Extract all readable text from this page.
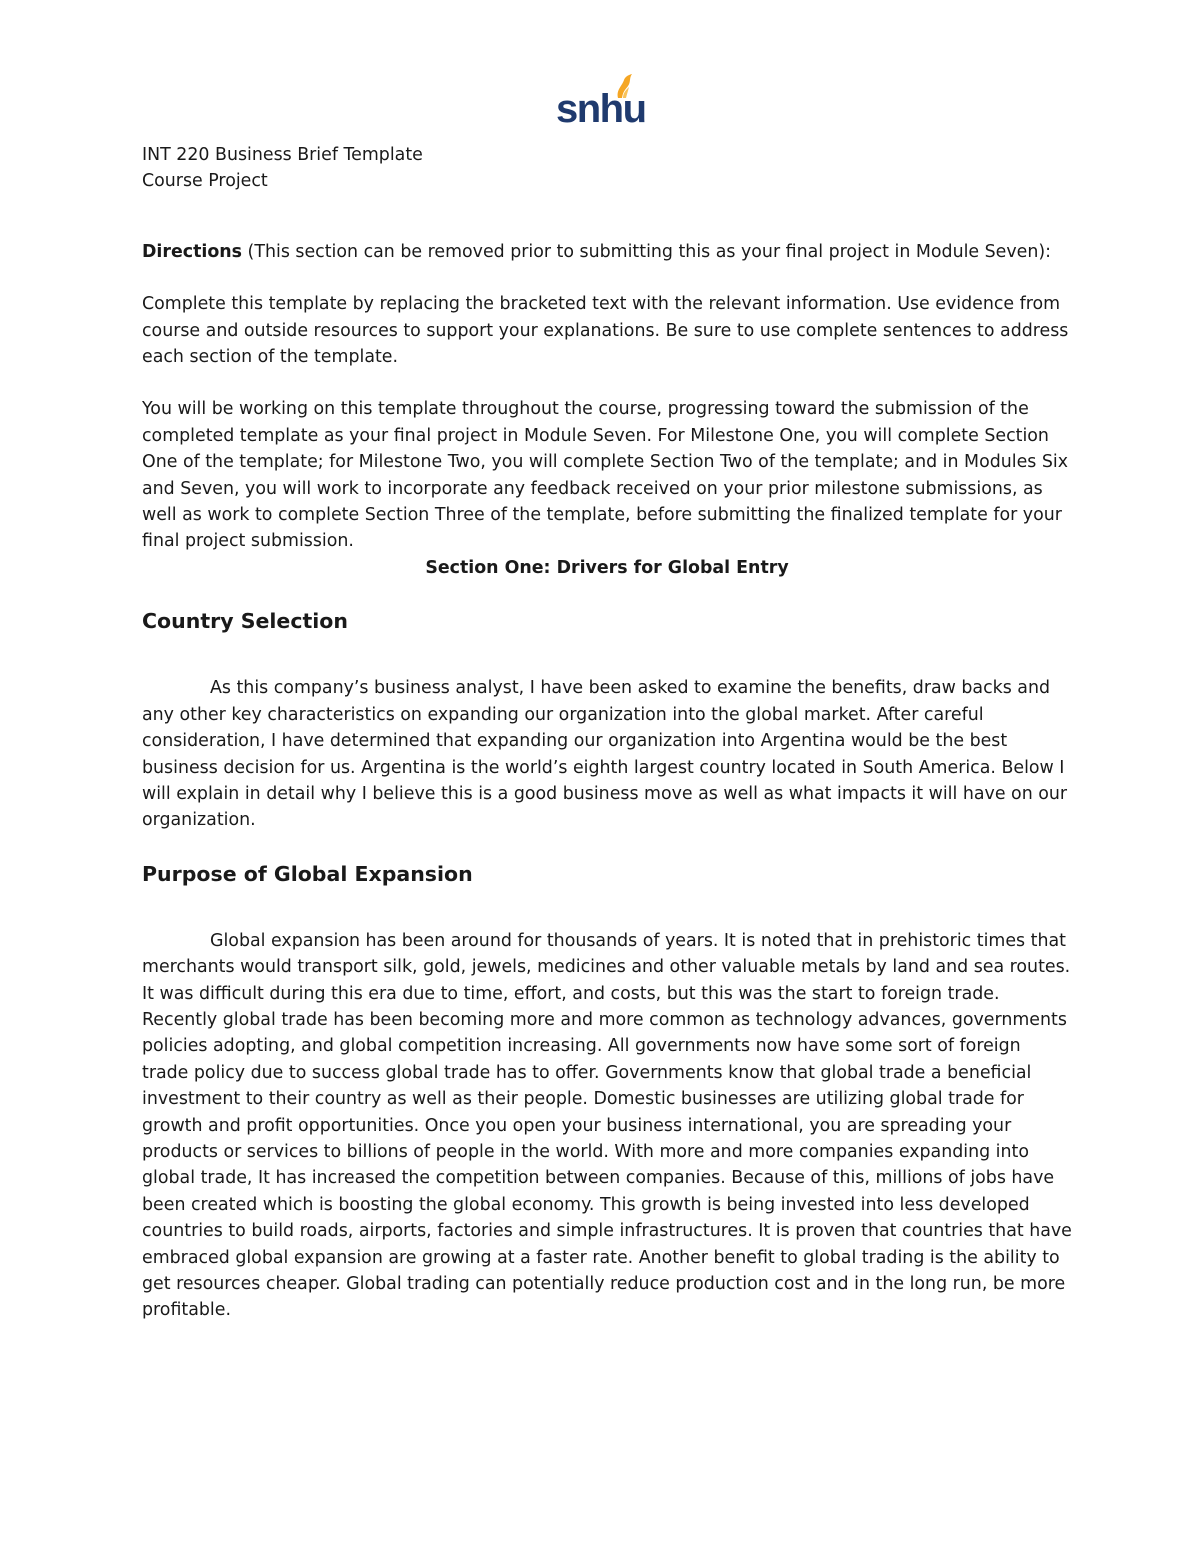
snhu

INT 220 Business Brief Template

Course Project

Directions (This section can be removed prior to submitting this as your final project in Module Seven):

Complete this template by replacing the bracketed text with the relevant information. Use evidence from course and outside resources to support your explanations. Be sure to use complete sentences to address each section of the template.

You will be working on this template throughout the course, progressing toward the submission of the completed template as your final project in Module Seven. For Milestone One, you will complete Section One of the template; for Milestone Two, you will complete Section Two of the template; and in Modules Six and Seven, you will work to incorporate any feedback received on your prior milestone submissions, as well as work to complete Section Three of the template, before submitting the finalized template for your final project submission.

Section One: Drivers for Global Entry

Country Selection

As this company’s business analyst, I have been asked to examine the benefits, draw backs and any other key characteristics on expanding our organization into the global market. After careful consideration, I have determined that expanding our organization into Argentina would be the best business decision for us. Argentina is the world’s eighth largest country located in South America. Below I will explain in detail why I believe this is a good business move as well as what impacts it will have on our organization.

Purpose of Global Expansion

Global expansion has been around for thousands of years. It is noted that in prehistoric times that merchants would transport silk, gold, jewels, medicines and other valuable metals by land and sea routes. It was difficult during this era due to time, effort, and costs, but this was the start to foreign trade. Recently global trade has been becoming more and more common as technology advances, governments policies adopting, and global competition increasing. All governments now have some sort of foreign trade policy due to success global trade has to offer. Governments know that global trade a beneficial investment to their country as well as their people. Domestic businesses are utilizing global trade for growth and profit opportunities. Once you open your business international, you are spreading your products or services to billions of people in the world. With more and more companies expanding into global trade, It has increased the competition between companies. Because of this, millions of jobs have been created which is boosting the global economy. This growth is being invested into less developed countries to build roads, airports, factories and simple infrastructures. It is proven that countries that have embraced global expansion are growing at a faster rate. Another benefit to global trading is the ability to get resources cheaper. Global trading can potentially reduce production cost and in the long run, be more profitable.
